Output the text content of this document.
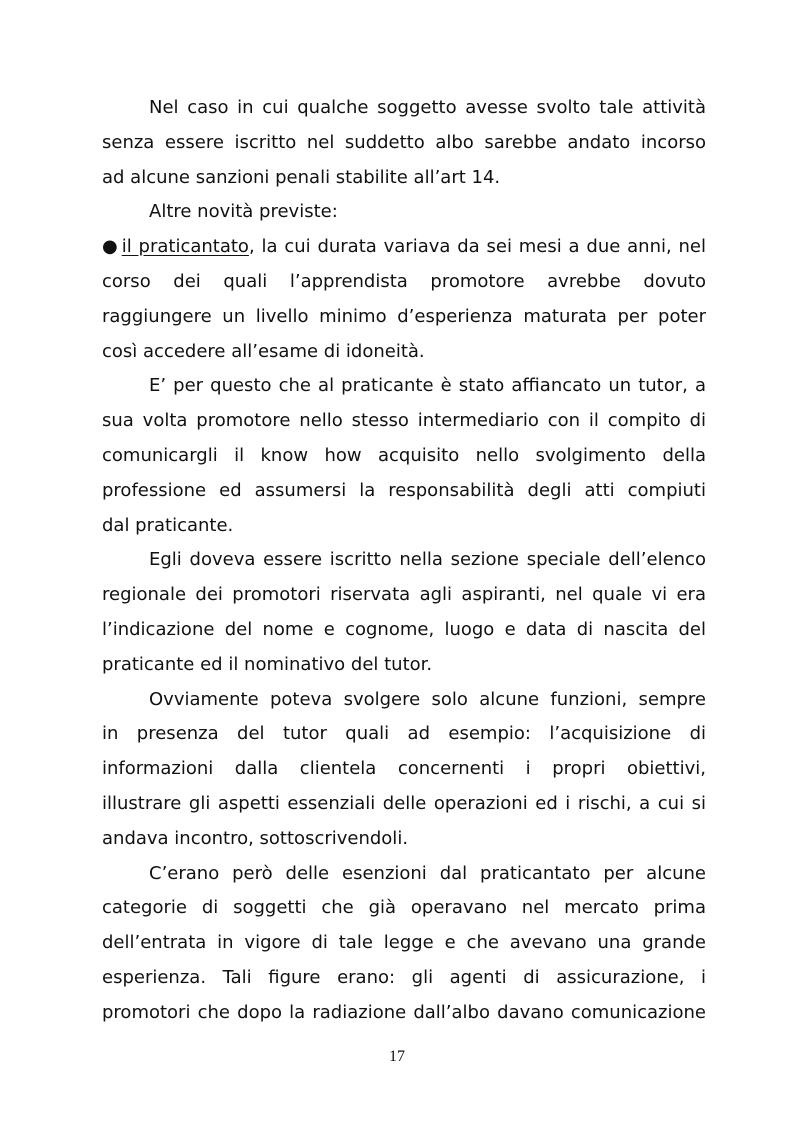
Nel caso in cui qualche soggetto avesse svolto tale attività
senza essere iscritto nel suddetto albo sarebbe andato incorso
ad alcune sanzioni penali stabilite all’art 14.
Altre novità previste:
● il praticantato, la cui durata variava da sei mesi a due anni, nel
corso dei quali l’apprendista promotore avrebbe dovuto
raggiungere un livello minimo d’esperienza maturata per poter
così accedere all’esame di idoneità.
E’ per questo che al praticante è stato affiancato un tutor, a
sua volta promotore nello stesso intermediario con il compito di
comunicargli il know how acquisito nello svolgimento della
professione ed assumersi la responsabilità degli atti compiuti
dal praticante.
Egli doveva essere iscritto nella sezione speciale dell’elenco
regionale dei promotori riservata agli aspiranti, nel quale vi era
l’indicazione del nome e cognome, luogo e data di nascita del
praticante ed il nominativo del tutor.
Ovviamente poteva svolgere solo alcune funzioni, sempre
in presenza del tutor quali ad esempio: l’acquisizione di
informazioni dalla clientela concernenti i propri obiettivi,
illustrare gli aspetti essenziali delle operazioni ed i rischi, a cui si
andava incontro, sottoscrivendoli.
C’erano però delle esenzioni dal praticantato per alcune
categorie di soggetti che già operavano nel mercato prima
dell’entrata in vigore di tale legge e che avevano una grande
esperienza. Tali figure erano: gli agenti di assicurazione, i
promotori che dopo la radiazione dall’albo davano comunicazione
17
